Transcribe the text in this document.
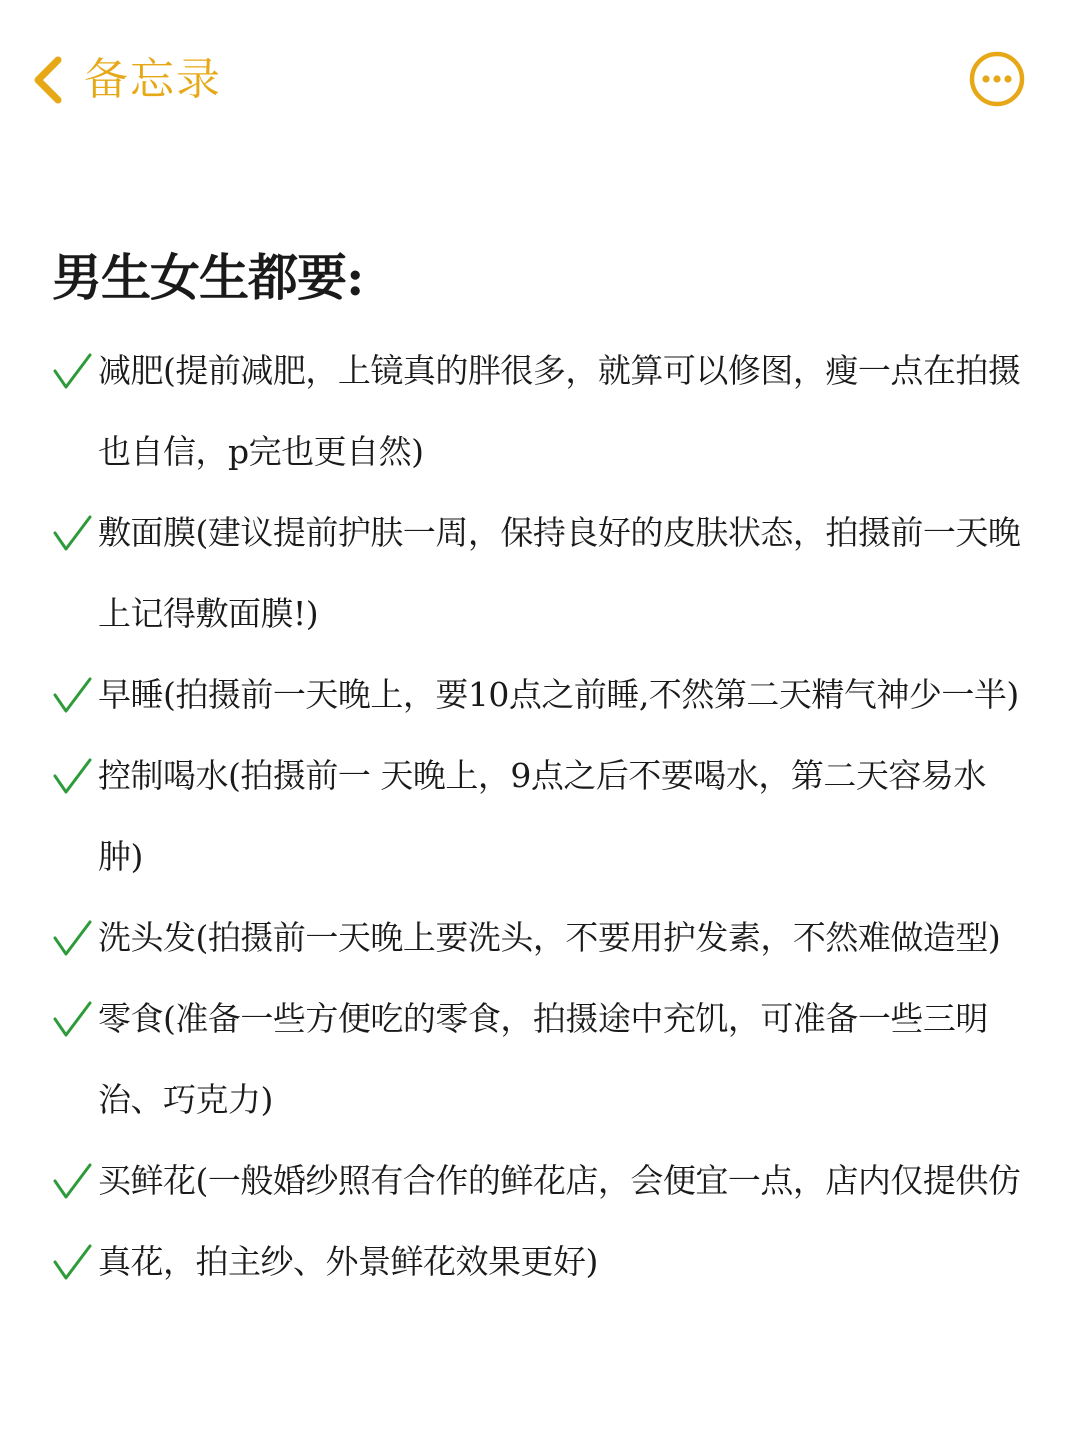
备忘录
男生女生都要:
减肥(提前减肥，上镜真的胖很多，就算可以修图，瘦一点在拍摄也自信，p完也更自然)
敷面膜(建议提前护肤一周，保持良好的皮肤状态，拍摄前一天晚上记得敷面膜!)
早睡(拍摄前一天晚上，要10点之前睡,不然第二天精气神少一半)
控制喝水(拍摄前一 天晚上，9点之后不要喝水，第二天容易水肿)
洗头发(拍摄前一天晚上要洗头，不要用护发素，不然难做造型)
零食(准备一些方便吃的零食，拍摄途中充饥，可准备一些三明治、巧克力)
买鲜花(一般婚纱照有合作的鲜花店，会便宜一点，店内仅提供仿
真花，拍主纱、外景鲜花效果更好)
